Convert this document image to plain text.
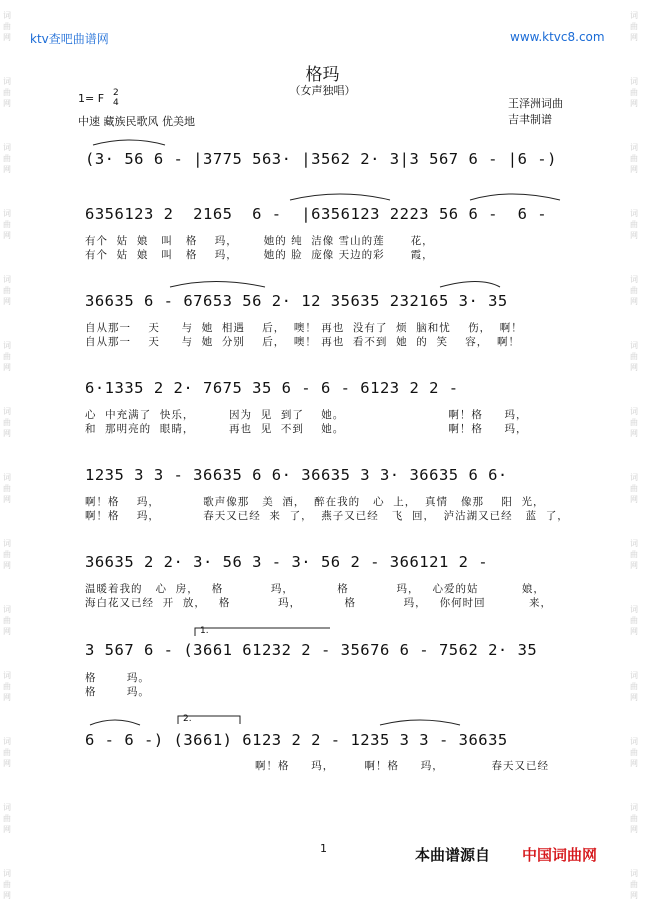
ktv查吧曲谱网	www.ktvc8.com
格玛
（女声独唱）
1= F 2
4
中速 藏族民歌风 优美地
王泽洲词曲
吉聿制谱
(3· 56 6 - |3775 563· |3562 2· 3|3 567 6 - |6 -)
6356123 2  2165  6 -  |6356123 2223 56 6 -  6 -
有个  姑  娘   叫   格    玛，      她的 纯  洁像 雪山的莲      花，
有个  姑  娘   叫   格    玛，      她的 脸  庞像 天边的彩      霞，
36635 6 - 67653 56 2· 12 35635 232165 3· 35
自从那一    天     与  她  相遇    后，  噢！ 再也  没有了  烦  脑和忧    伤，  啊！
自从那一    天     与  她  分别    后，  噢！ 再也  看不到  她  的  笑    容，  啊！
6·1335 2 2· 7675 35 6 - 6 - 6123 2 2 -
心  中充满了  快乐，        因为  见  到了    她。                        啊！格     玛，
和  那明亮的  眼睛，        再也  见  不到    她。                        啊！格     玛，
1235 3 3 - 36635 6 6· 36635 3 3· 36635 6 6·
啊！格    玛，          歌声像那   美  酒，  醉在我的   心  上，  真情   像那    阳  光，
啊！格    玛，          春天又已经  来  了，  燕子又已经   飞  回，  泸沽湖又已经   蓝  了，
36635 2 2· 3· 56 3 - 3· 56 2 - 366121 2 -
温暖着我的   心  房，   格           玛，          格           玛，   心爱的姑          娘，
海白花又已经  开  放，   格           玛，          格           玛，   你何时回          来，
1.
3 567 6 - (3661 61232 2 - 35676 6 - 7562 2· 35
格       玛。
格       玛。
2.
6 - 6 -) (3661) 6123 2 2 - 1235 3 3 - 36635
啊！格     玛，       啊！格     玛，           春天又已经
词曲网

词曲网

词曲网

词曲网

词曲网

词曲网

词曲网

词曲网

词曲网

词曲网

词曲网

词曲网

词曲网

词曲网
词曲网

词曲网

词曲网

词曲网

词曲网

词曲网

词曲网

词曲网

词曲网

词曲网

词曲网

词曲网

词曲网

词曲网
1	本曲谱源自 中国词曲网
